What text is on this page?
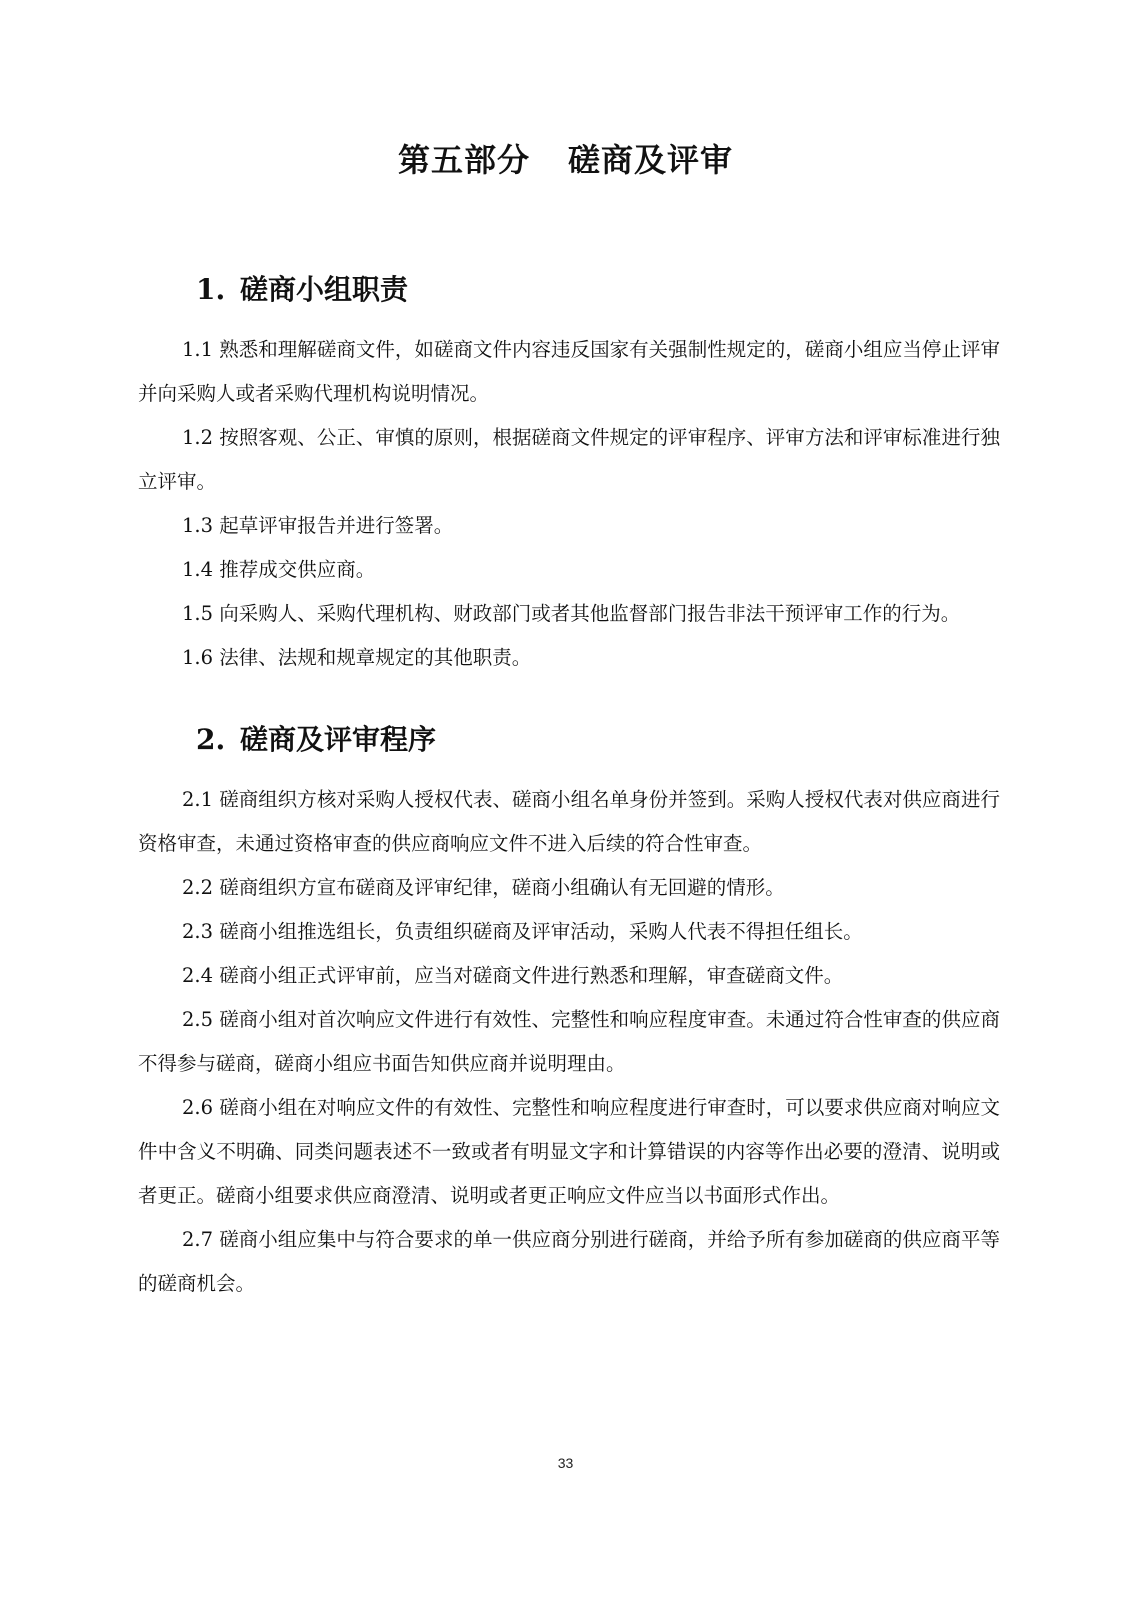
第五部分 磋商及评审
1. 磋商小组职责

1.1 熟悉和理解磋商文件，如磋商文件内容违反国家有关强制性规定的，磋商小组应当停止评审并向采购人或者采购代理机构说明情况。

1.2 按照客观、公正、审慎的原则，根据磋商文件规定的评审程序、评审方法和评审标准进行独立评审。

1.3 起草评审报告并进行签署。

1.4 推荐成交供应商。

1.5 向采购人、采购代理机构、财政部门或者其他监督部门报告非法干预评审工作的行为。

1.6 法律、法规和规章规定的其他职责。

2. 磋商及评审程序

2.1 磋商组织方核对采购人授权代表、磋商小组名单身份并签到。采购人授权代表对供应商进行资格审查，未通过资格审查的供应商响应文件不进入后续的符合性审查。

2.2 磋商组织方宣布磋商及评审纪律，磋商小组确认有无回避的情形。

2.3 磋商小组推选组长，负责组织磋商及评审活动，采购人代表不得担任组长。

2.4 磋商小组正式评审前，应当对磋商文件进行熟悉和理解，审查磋商文件。

2.5 磋商小组对首次响应文件进行有效性、完整性和响应程度审查。未通过符合性审查的供应商不得参与磋商，磋商小组应书面告知供应商并说明理由。

2.6 磋商小组在对响应文件的有效性、完整性和响应程度进行审查时，可以要求供应商对响应文件中含义不明确、同类问题表述不一致或者有明显文字和计算错误的内容等作出必要的澄清、说明或者更正。磋商小组要求供应商澄清、说明或者更正响应文件应当以书面形式作出。

2.7 磋商小组应集中与符合要求的单一供应商分别进行磋商，并给予所有参加磋商的供应商平等的磋商机会。

33
